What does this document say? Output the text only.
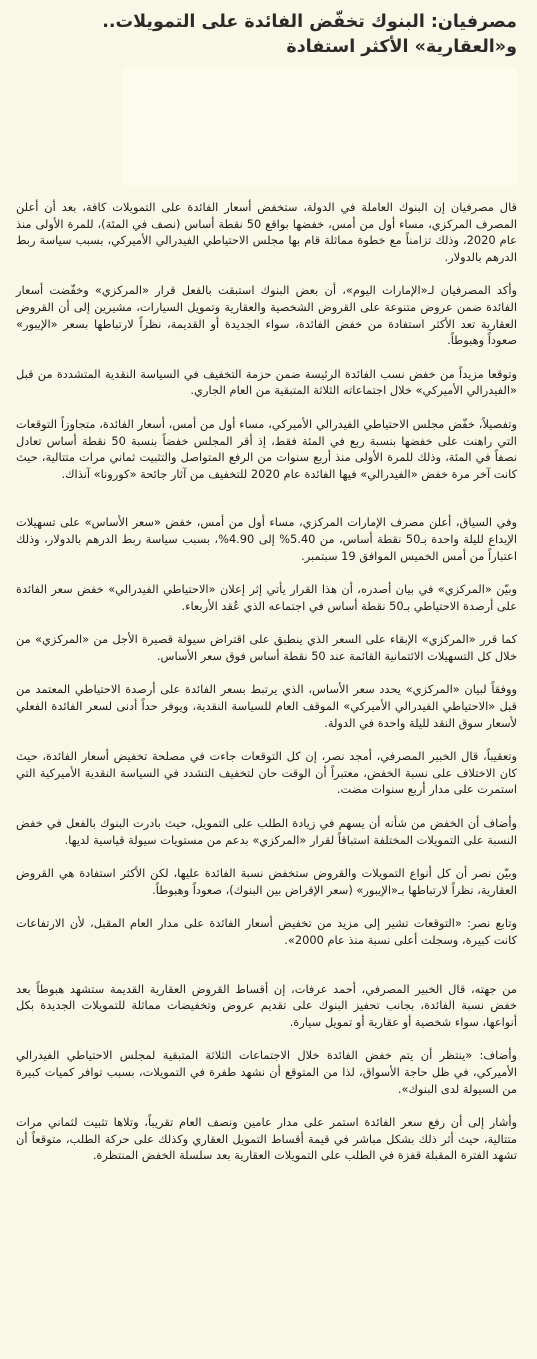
مصرفيان: البنوك تخفّض الفائدة على التمويلات.. و«العقارية» الأكثر استفادة

قال مصرفيان إن البنوك العاملة في الدولة، ستخفض أسعار الفائدة على التمويلات كافة، بعد أن أعلن المصرف المركزي، مساء أول من أمس، خفضها بواقع 50 نقطة أساس (نصف في المئة)، للمرة الأولى منذ عام 2020، وذلك تزامناً مع خطوة مماثلة قام بها مجلس الاحتياطي الفيدرالي الأميركي، بسبب سياسة ربط الدرهم بالدولار.

وأكد المصرفيان لـ«الإمارات اليوم»، أن بعض البنوك استبقت بالفعل قرار «المركزي» وخفّضت أسعار الفائدة ضمن عروض متنوعة على القروض الشخصية والعقارية وتمويل السيارات، مشيرين إلى أن القروض العقارية تعد الأكثر استفادة من خفض الفائدة، سواء الجديدة أو القديمة، نظراً لارتباطها بسعر «الإيبور» صعوداً وهبوطاً.

وتوقعا مزيداً من خفض نسب الفائدة الرئيسة ضمن حزمة التخفيف في السياسة النقدية المتشددة من قبل «الفيدرالي الأميركي» خلال اجتماعاته الثلاثة المتبقية من العام الجاري.

وتفصيلاً، خفّض مجلس الاحتياطي الفيدرالي الأميركي، مساء أول من أمس، أسعار الفائدة، متجاوزاً التوقعات التي راهنت على خفضها بنسبة ربع في المئة فقط، إذ أقر المجلس خفضاً بنسبة 50 نقطة أساس تعادل نصفاً في المئة، وذلك للمرة الأولى منذ أربع سنوات من الرفع المتواصل والتثبيت ثماني مرات متتالية، حيث كانت آخر مرة خفض «الفيدرالي» فيها الفائدة عام 2020 للتخفيف من آثار جائحة «كورونا» آنذاك.

وفي السياق، أعلن مصرف الإمارات المركزي، مساء أول من أمس، خفض «سعر الأساس» على تسهيلات الإيداع لليلة واحدة بـ50 نقطة أساس، من 5.40% إلى 4.90%، بسبب سياسة ربط الدرهم بالدولار، وذلك اعتباراً من أمس الخميس الموافق 19 سبتمبر.

وبيّن «المركزي» في بيان أصدره، أن هذا القرار يأتي إثر إعلان «الاحتياطي الفيدرالي» خفض سعر الفائدة على أرصدة الاحتياطي بـ50 نقطة أساس في اجتماعه الذي عُقد الأربعاء.

كما قرر «المركزي» الإبقاء على السعر الذي ينطبق على اقتراض سيولة قصيرة الأجل من «المركزي» من خلال كل التسهيلات الائتمانية القائمة عند 50 نقطة أساس فوق سعر الأساس.

ووفقاً لبيان «المركزي» يحدد سعر الأساس، الذي يرتبط بسعر الفائدة على أرصدة الاحتياطي المعتمد من قبل «الاحتياطي الفيدرالي الأميركي» الموقف العام للسياسة النقدية، ويوفر حداً أدنى لسعر الفائدة الفعلي لأسعار سوق النقد لليلة واحدة في الدولة.

وتعقيباً، قال الخبير المصرفي، أمجد نصر، إن كل التوقعات جاءت في مصلحة تخفيض أسعار الفائدة، حيث كان الاختلاف على نسبة الخفض، معتبراً أن الوقت حان لتخفيف التشدد في السياسة النقدية الأميركية التي استمرت على مدار أربع سنوات مضت.

وأضاف أن الخفض من شأنه أن يسهم في زيادة الطلب على التمويل، حيث بادرت البنوك بالفعل في خفض النسبة على التمويلات المختلفة استباقاً لقرار «المركزي» بدعم من مستويات سيولة قياسية لديها.

وبيّن نصر أن كل أنواع التمويلات والقروض ستخفض نسبة الفائدة عليها، لكن الأكثر استفادة هي القروض العقارية، نظراً لارتباطها بـ«الإيبور» (سعر الإقراض بين البنوك)، صعوداً وهبوطاً.

وتابع نصر: «التوقعات تشير إلى مزيد من تخفيض أسعار الفائدة على مدار العام المقبل، لأن الارتفاعات كانت كبيرة، وسجلت أعلى نسبة منذ عام 2000».

من جهته، قال الخبير المصرفي، أحمد عرفات، إن أقساط القروض العقارية القديمة ستشهد هبوطاً بعد خفض نسبة الفائدة، بجانب تحفيز البنوك على تقديم عروض وتخفيضات مماثلة للتمويلات الجديدة بكل أنواعها، سواء شخصية أو عقارية أو تمويل سيارة.

وأضاف: «ينتظر أن يتم خفض الفائدة خلال الاجتماعات الثلاثة المتبقية لمجلس الاحتياطي الفيدرالي الأميركي، في ظل حاجة الأسواق، لذا من المتوقع أن نشهد طفرة في التمويلات، بسبب توافر كميات كبيرة من السيولة لدى البنوك».

وأشار إلى أن رفع سعر الفائدة استمر على مدار عامين ونصف العام تقريباً، وتلاها تثبيت لثماني مرات متتالية، حيث أثر ذلك بشكل مباشر في قيمة أقساط التمويل العقاري وكذلك على حركة الطلب، متوقعاً أن تشهد الفترة المقبلة قفزة في الطلب على التمويلات العقارية بعد سلسلة الخفض المنتظرة.
